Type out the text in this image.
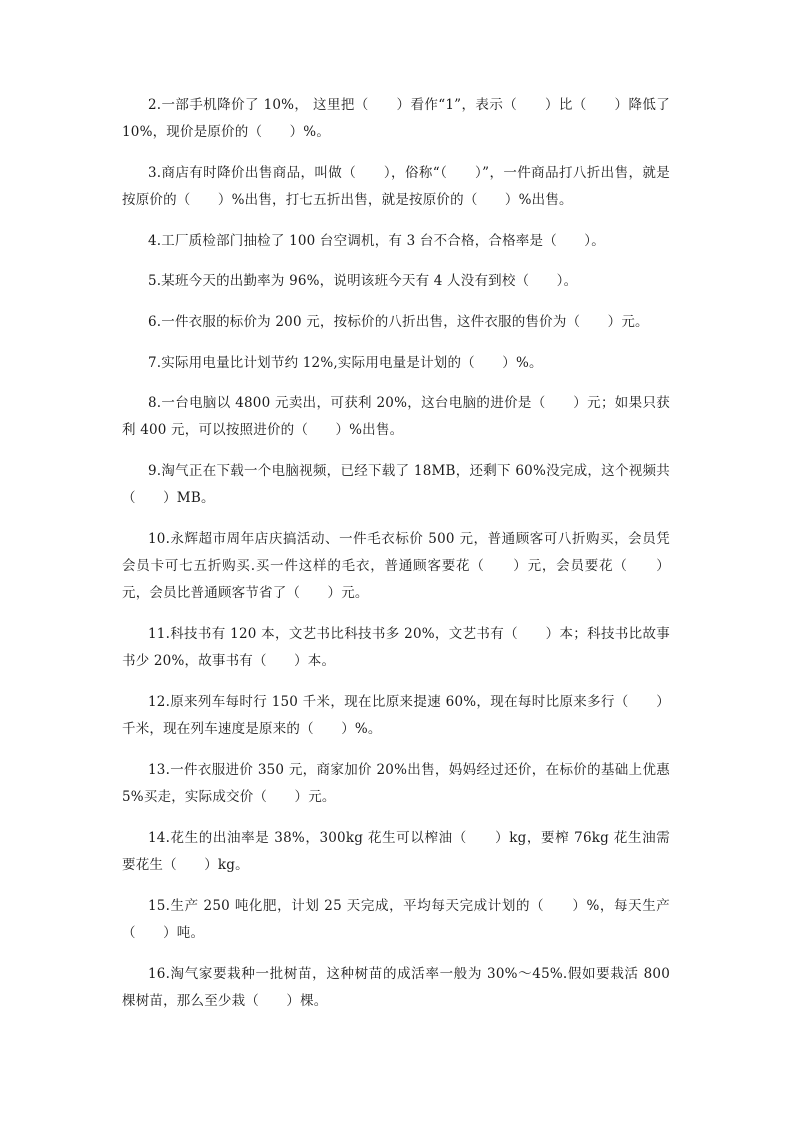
2.一部手机降价了 10%， 这里把（　　）看作“1”，表示（　　）比（　　）降低了 10%，现价是原价的（　　）%。

3.商店有时降价出售商品，叫做（　　），俗称“（　　）”，一件商品打八折出售，就是按原价的（　　）%出售，打七五折出售，就是按原价的（　　）%出售。

4.工厂质检部门抽检了 100 台空调机，有 3 台不合格，合格率是（　　）。

5.某班今天的出勤率为 96%，说明该班今天有 4 人没有到校（　　）。

6.一件衣服的标价为 200 元，按标价的八折出售，这件衣服的售价为（　　）元。

7.实际用电量比计划节约 12%,实际用电量是计划的（　　）%。

8.一台电脑以 4800 元卖出，可获利 20%，这台电脑的进价是（　　）元；如果只获利 400 元，可以按照进价的（　　）%出售。

9.淘气正在下载一个电脑视频，已经下载了 18MB，还剩下 60%没完成，这个视频共（　　）MB。

10.永辉超市周年店庆搞活动、一件毛衣标价 500 元，普通顾客可八折购买，会员凭会员卡可七五折购买.买一件这样的毛衣，普通顾客要花（　　）元，会员要花（　　）元，会员比普通顾客节省了（　　）元。

11.科技书有 120 本，文艺书比科技书多 20%，文艺书有（　　）本；科技书比故事书少 20%，故事书有（　　）本。

12.原来列车每时行 150 千米，现在比原来提速 60%，现在每时比原来多行（　　）千米，现在列车速度是原来的（　　）%。

13.一件衣服进价 350 元，商家加价 20%出售，妈妈经过还价，在标价的基础上优惠 5%买走，实际成交价（　　）元。

14.花生的出油率是 38%，300kg 花生可以榨油（　　）kg，要榨 76kg 花生油需要花生（　　）kg。

15.生产 250 吨化肥，计划 25 天完成，平均每天完成计划的（　　）%，每天生产（　　）吨。

16.淘气家要栽种一批树苗，这种树苗的成活率一般为 30%～45%.假如要栽活 800 棵树苗，那么至少栽（　　）棵。
